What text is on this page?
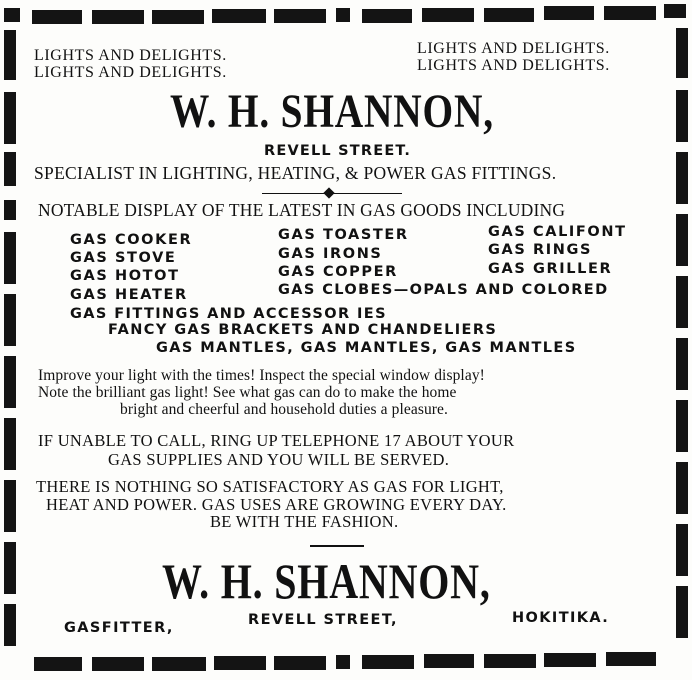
LIGHTS AND DELIGHTS.
LIGHTS AND DELIGHTS.
LIGHTS AND DELIGHTS.
LIGHTS AND DELIGHTS.
W. H. SHANNON,
REVELL STREET.
SPECIALIST IN LIGHTING, HEATING, & POWER GAS FITTINGS.
NOTABLE DISPLAY OF THE LATEST IN GAS GOODS INCLUDING
GAS COOKER
GAS STOVE
GAS HOTOT
GAS HEATER
GAS TOASTER
GAS IRONS
GAS COPPER
GAS CLOBES—OPALS AND COLORED
GAS CALIFONT
GAS RINGS
GAS GRILLER
GAS FITTINGS AND ACCESSOR IES
FANCY GAS BRACKETS AND CHANDELIERS
GAS MANTLES, GAS MANTLES, GAS MANTLES
Improve your light with the times! Inspect the special window display!
Note the brilliant gas light! See what gas can do to make the home
bright and cheerful and household duties a pleasure.
IF UNABLE TO CALL, RING UP TELEPHONE 17 ABOUT YOUR
GAS SUPPLIES AND YOU WILL BE SERVED.
THERE IS NOTHING SO SATISFACTORY AS GAS FOR LIGHT,
HEAT AND POWER. GAS USES ARE GROWING EVERY DAY.
BE WITH THE FASHION.
W. H. SHANNON,
GASFITTER,	REVELL STREET,	HOKITIKA.
